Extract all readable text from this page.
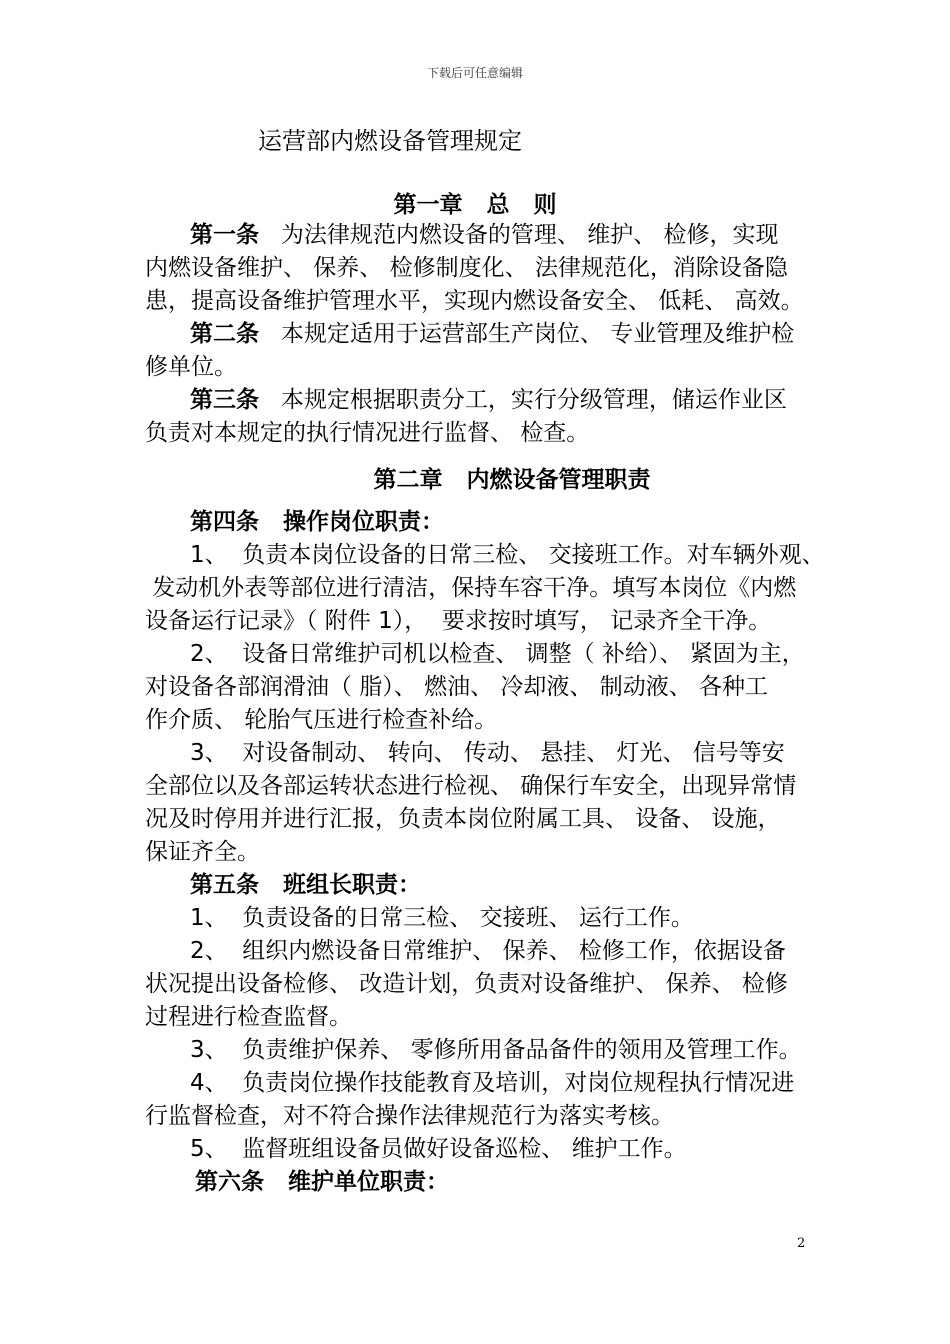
下载后可任意编辑
运营部内燃设备管理规定
第一章   总   则
第二章   内燃设备管理职责
第一条   为法律规范内燃设备的管理、 维护、 检修，实现
内燃设备维护、 保养、 检修制度化、 法律规范化，消除设备隐
患，提高设备维护管理水平，实现内燃设备安全、 低耗、 高效。
第二条   本规定适用于运营部生产岗位、 专业管理及维护检
修单位。
第三条   本规定根据职责分工，实行分级管理，储运作业区
负责对本规定的执行情况进行监督、 检查。
第四条   操作岗位职责：
1、  负责本岗位设备的日常三检、 交接班工作。对车辆外观、
发动机外表等部位进行清洁，保持车容干净。填写本岗位《内燃
设备运行记录》（ 附件 1），  要求按时填写， 记录齐全干净。
2、  设备日常维护司机以检查、 调整（ 补给）、 紧固为主，
对设备各部润滑油（ 脂）、 燃油、 冷却液、 制动液、 各种工
作介质、 轮胎气压进行检查补给。
3、  对设备制动、 转向、 传动、 悬挂、 灯光、 信号等安
全部位以及各部运转状态进行检视、 确保行车安全，出现异常情
况及时停用并进行汇报，负责本岗位附属工具、 设备、 设施，
保证齐全。
第五条   班组长职责：
1、  负责设备的日常三检、 交接班、 运行工作。
2、  组织内燃设备日常维护、 保养、 检修工作，依据设备
状况提出设备检修、 改造计划，负责对设备维护、 保养、 检修
过程进行检查监督。
3、  负责维护保养、 零修所用备品备件的领用及管理工作。
4、  负责岗位操作技能教育及培训，对岗位规程执行情况进
行监督检查，对不符合操作法律规范行为落实考核。
5、  监督班组设备员做好设备巡检、 维护工作。
第六条   维护单位职责：
2
